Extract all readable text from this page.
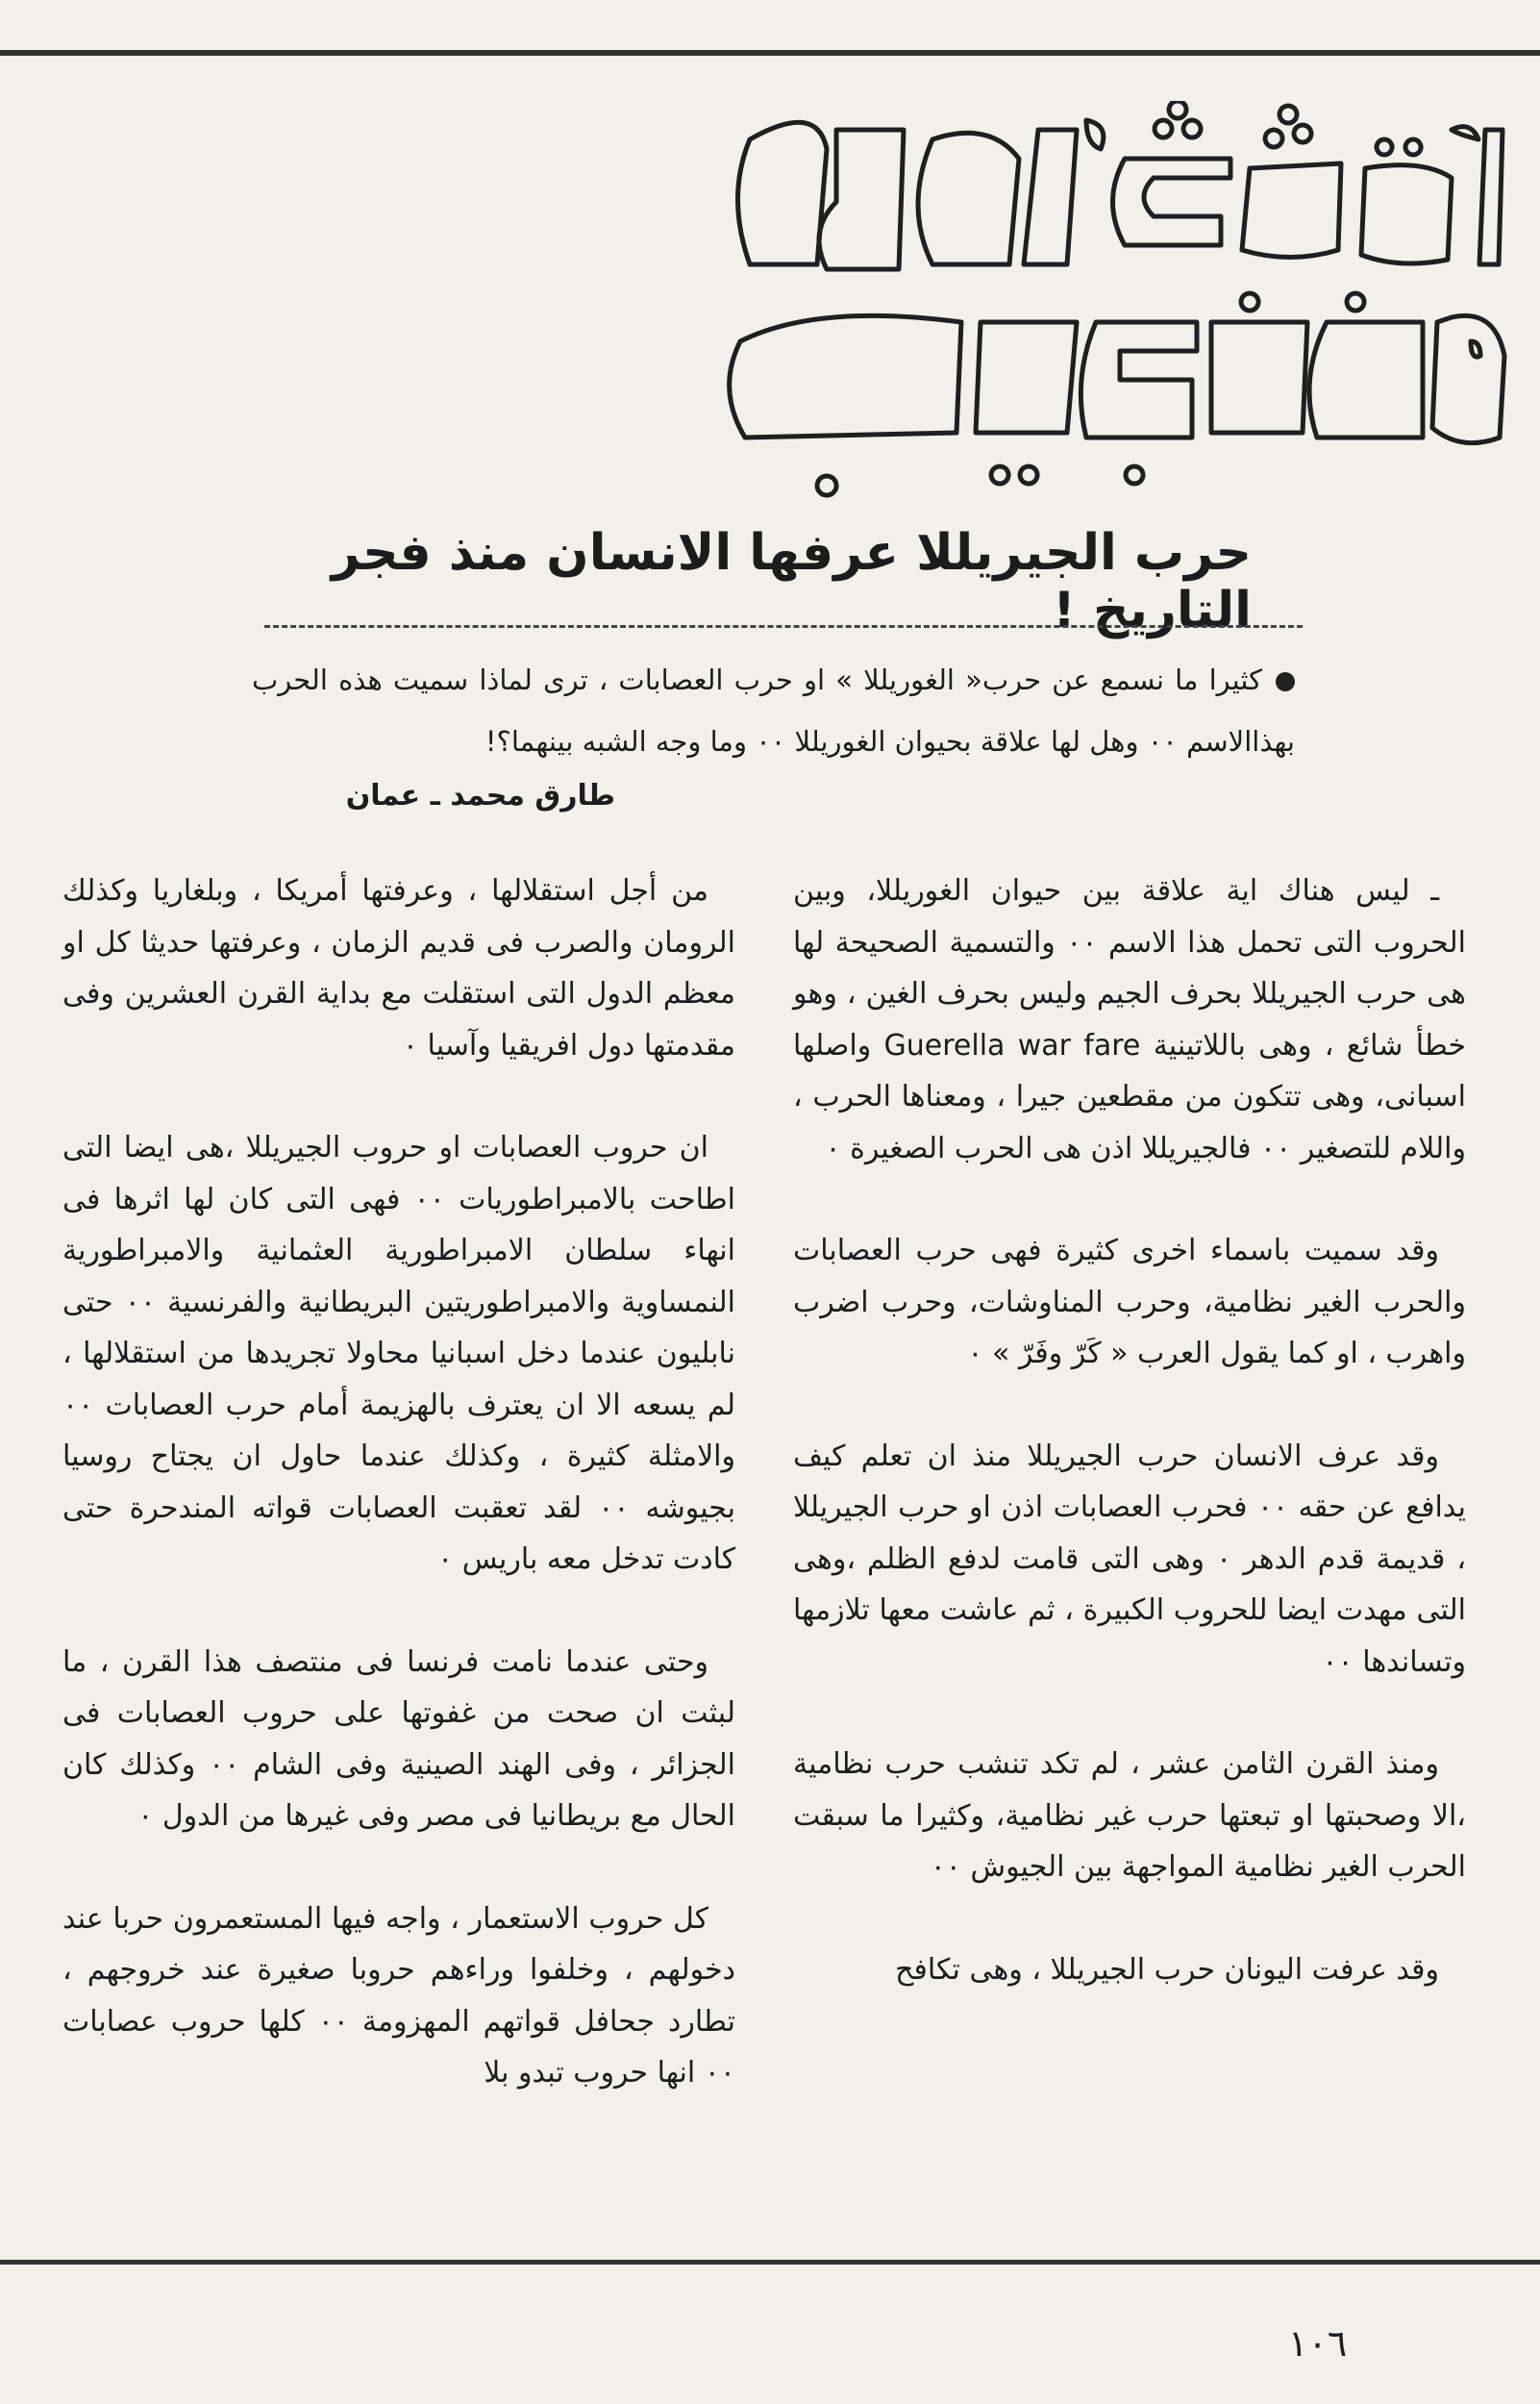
حرب الجيريللا عرفها الانسان منذ فجر التاريخ !
كثيرا ما نسمع عن حرب« الغوريللا » او حرب العصابات ، ترى لماذا سميت هذه الحرب بهذاالاسم ٠٠ وهل لها علاقة بحيوان الغوريللا ٠٠ وما وجه الشبه بينهما؟!
طارق محمد ـ عمان

ـ ليس هناك اية علاقة بين حيوان الغوريللا، وبين الحروب التى تحمل هذا الاسم ٠٠ والتسمية الصحيحة لها هى حرب الجيريللا بحرف الجيم وليس بحرف الغين ، وهو خطأ شائع ، وهى باللاتينية Guerella war fare واصلها اسبانى، وهى تتكون من مقطعين جيرا ، ومعناها الحرب ، واللام للتصغير ٠٠ فالجيريللا اذن هى الحرب الصغيرة ٠

وقد سميت باسماء اخرى كثيرة فهى حرب العصابات والحرب الغير نظامية، وحرب المناوشات، وحرب اضرب واهرب ، او كما يقول العرب « كَرّ وفَرّ » ٠

وقد عرف الانسان حرب الجيريللا منذ ان تعلم كيف يدافع عن حقه ٠٠ فحرب العصابات اذن او حرب الجيريللا ، قديمة قدم الدهر ٠ وهى التى قامت لدفع الظلم ،وهى التى مهدت ايضا للحروب الكبيرة ، ثم عاشت معها تلازمها وتساندها ٠٠

ومنذ القرن الثامن عشر ، لم تكد تنشب حرب نظامية ،الا وصحبتها او تبعتها حرب غير نظامية، وكثيرا ما سبقت الحرب الغير نظامية المواجهة بين الجيوش ٠٠

وقد عرفت اليونان حرب الجيريللا ، وهى تكافح

من أجل استقلالها ، وعرفتها أمريكا ، وبلغاريا وكذلك الرومان والصرب فى قديم الزمان ، وعرفتها حديثا كل او معظم الدول التى استقلت مع بداية القرن العشرين وفى مقدمتها دول افريقيا وآسيا ٠

ان حروب العصابات او حروب الجيريللا ،هى ايضا التى اطاحت بالامبراطوريات ٠٠ فهى التى كان لها اثرها فى انهاء سلطان الامبراطورية العثمانية والامبراطورية النمساوية والامبراطوريتين البريطانية والفرنسية ٠٠ حتى نابليون عندما دخل اسبانيا محاولا تجريدها من استقلالها ، لم يسعه الا ان يعترف بالهزيمة أمام حرب العصابات ٠٠ والامثلة كثيرة ، وكذلك عندما حاول ان يجتاح روسيا بجيوشه ٠٠ لقد تعقبت العصابات قواته المندحرة حتى كادت تدخل معه باريس ٠

وحتى عندما نامت فرنسا فى منتصف هذا القرن ، ما لبثت ان صحت من غفوتها على حروب العصابات فى الجزائر ، وفى الهند الصينية وفى الشام ٠٠ وكذلك كان الحال مع بريطانيا فى مصر وفى غيرها من الدول ٠

كل حروب الاستعمار ، واجه فيها المستعمرون حربا عند دخولهم ، وخلفوا وراءهم حروبا صغيرة عند خروجهم ، تطارد جحافل قواتهم المهزومة ٠٠ كلها حروب عصابات ٠٠ انها حروب تبدو بلا

١٠٦
